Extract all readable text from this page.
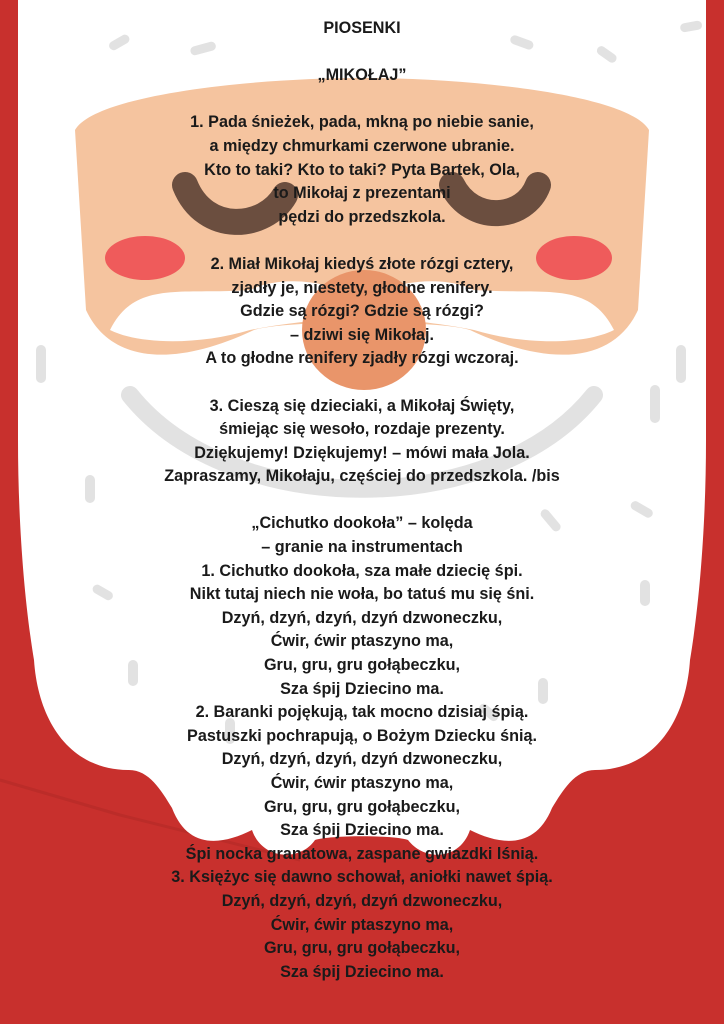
PIOSENKI
„MIKOŁAJ”
1. Pada śnieżek, pada, mkną po niebie sanie,
a między chmurkami czerwone ubranie.
Kto to taki? Kto to taki? Pyta Bartek, Ola,
to Mikołaj z prezentami
pędzi do przedszkola.
2. Miał Mikołaj kiedyś złote rózgi cztery,
zjadły je, niestety, głodne renifery.
Gdzie są rózgi? Gdzie są rózgi?
– dziwi się Mikołaj.
A to głodne renifery zjadły rózgi wczoraj.
3. Cieszą się dzieciaki, a Mikołaj Święty,
śmiejąc się wesoło, rozdaje prezenty.
Dziękujemy! Dziękujemy! – mówi mała Jola.
Zapraszamy, Mikołaju, częściej do przedszkola. /bis
„Cichutko dookoła” – kolęda
– granie na instrumentach
1. Cichutko dookoła, sza małe dziecię śpi.
Nikt tutaj niech nie woła, bo tatuś mu się śni.
Dzyń, dzyń, dzyń, dzyń dzwoneczku,
Ćwir, ćwir ptaszyno ma,
Gru, gru, gru gołąbeczku,
Sza śpij Dziecino ma.
2. Baranki pojękują, tak mocno dzisiaj śpią.
Pastuszki pochrapują, o Bożym Dziecku śnią.
Dzyń, dzyń, dzyń, dzyń dzwoneczku,
Ćwir, ćwir ptaszyno ma,
Gru, gru, gru gołąbeczku,
Sza śpij Dziecino ma.
Śpi nocka granatowa, zaspane gwiazdki lśnią.
3. Księżyc się dawno schował, aniołki nawet śpią.
Dzyń, dzyń, dzyń, dzyń dzwoneczku,
Ćwir, ćwir ptaszyno ma,
Gru, gru, gru gołąbeczku,
Sza śpij Dziecino ma.
